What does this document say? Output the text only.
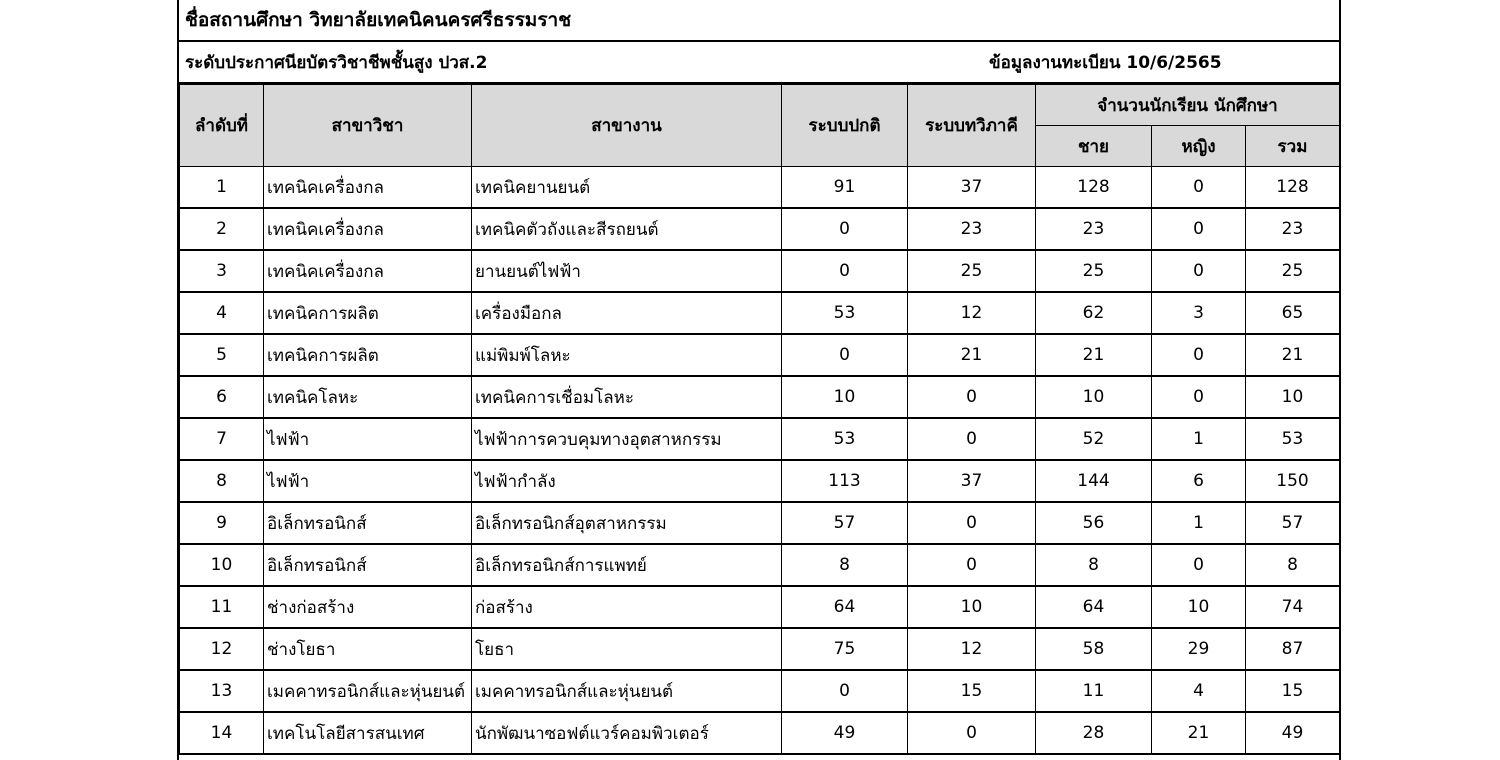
ชื่อสถานศึกษา วิทยาลัยเทคนิคนครศรีธรรมราช
ระดับประกาศนียบัตรวิชาชีพชั้นสูง ปวส.2	ข้อมูลงานทะเบียน 10/6/2565
ลำดับที่	สาขาวิชา	สาขางาน	ระบบปกติ	ระบบทวิภาคี	จำนวนนักเรียน นักศึกษา		
					ชาย	หญิง	รวม
1	เทคนิคเครื่องกล	เทคนิคยานยนต์	91	37	128	0	128
2	เทคนิคเครื่องกล	เทคนิคตัวถังและสีรถยนต์	0	23	23	0	23
3	เทคนิคเครื่องกล	ยานยนต์ไฟฟ้า	0	25	25	0	25
4	เทคนิคการผลิต	เครื่องมือกล	53	12	62	3	65
5	เทคนิคการผลิต	แม่พิมพ์โลหะ	0	21	21	0	21
6	เทคนิคโลหะ	เทคนิคการเชื่อมโลหะ	10	0	10	0	10
7	ไฟฟ้า	ไฟฟ้าการควบคุมทางอุตสาหกรรม	53	0	52	1	53
8	ไฟฟ้า	ไฟฟ้ากำลัง	113	37	144	6	150
9	อิเล็กทรอนิกส์	อิเล็กทรอนิกส์อุตสาหกรรม	57	0	56	1	57
10	อิเล็กทรอนิกส์	อิเล็กทรอนิกส์การแพทย์	8	0	8	0	8
11	ช่างก่อสร้าง	ก่อสร้าง	64	10	64	10	74
12	ช่างโยธา	โยธา	75	12	58	29	87
13	เมคคาทรอนิกส์และหุ่นยนต์	เมคคาทรอนิกส์และหุ่นยนต์	0	15	11	4	15
14	เทคโนโลยีสารสนเทศ	นักพัฒนาซอฟต์แวร์คอมพิวเตอร์	49	0	28	21	49
